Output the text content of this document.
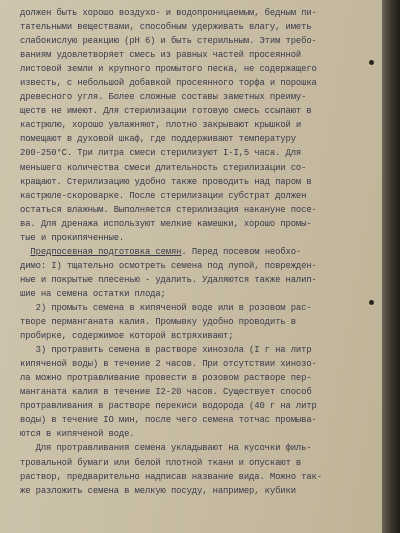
должен быть хорошо воздухо- и водопроницаемым, бедным пи-
тательными веществами, способным удерживать влагу, иметь
слабокислую реакцию (рН 6) и быть стерильным. Этим требо-
ваниям удовлетворяет смесь из равных частей просеянной
листовой земли и крупного промытого песка, не содержащего
известь, с небольшой добавкой просеянного торфа и порошка
древесного угля. Более сложные составы заметных преиму-
ществ не имеют. Для стерилизации готовую смесь ссыпают в
кастрюлю, хорошо увлажняют, плотно закрывают крышкой и
помещают в духовой шкаф, где поддерживают температуру
200-250°С. Три литра смеси стерилизуют I-I,5 часа. Для
меньшего количества смеси длительность стерилизации со-
кращают. Стерилизацию удобно также проводить над паром в
кастрюле-скороварке. После стерилизации субстрат должен
остаться влажным. Выполняется стерилизация накануне посе-
ва. Для дренажа используют мелкие камешки, хорошо промы-
тые и прокипяченные.
Предпосевная подготовка семян. Перед посевом необхо-
димо: I) тщательно осмотреть семена под лупой, поврежден-
ные и покрытые плесенью - удалить. Удаляются также налип-
шие на семена остатки плода;
2) промыть семена в кипяченой воде или в розовом рас-
творе перманганата калия. Промывку удобно проводить в
пробирке, содержимое которой встряхивают;
3) протравить семена в растворе хинозола (I г на литр
кипяченой воды) в течение 2 часов. При отсутствии хинозо-
ла можно протравливание провести в розовом растворе пер-
манганата калия в течение I2-20 часов. Существует способ
протравливания в растворе перекиси водорода (40 г на литр
воды) в течение IO мин, после чего семена тотчас промыва-
ются в кипяченой воде.
Для протравливания семена укладывают на кусочки филь-
тровальной бумаги или белой плотной ткани и опускают в
раствор, предварительно надписав название вида. Можно так-
же разложить семена в мелкую посуду, например, кубики
